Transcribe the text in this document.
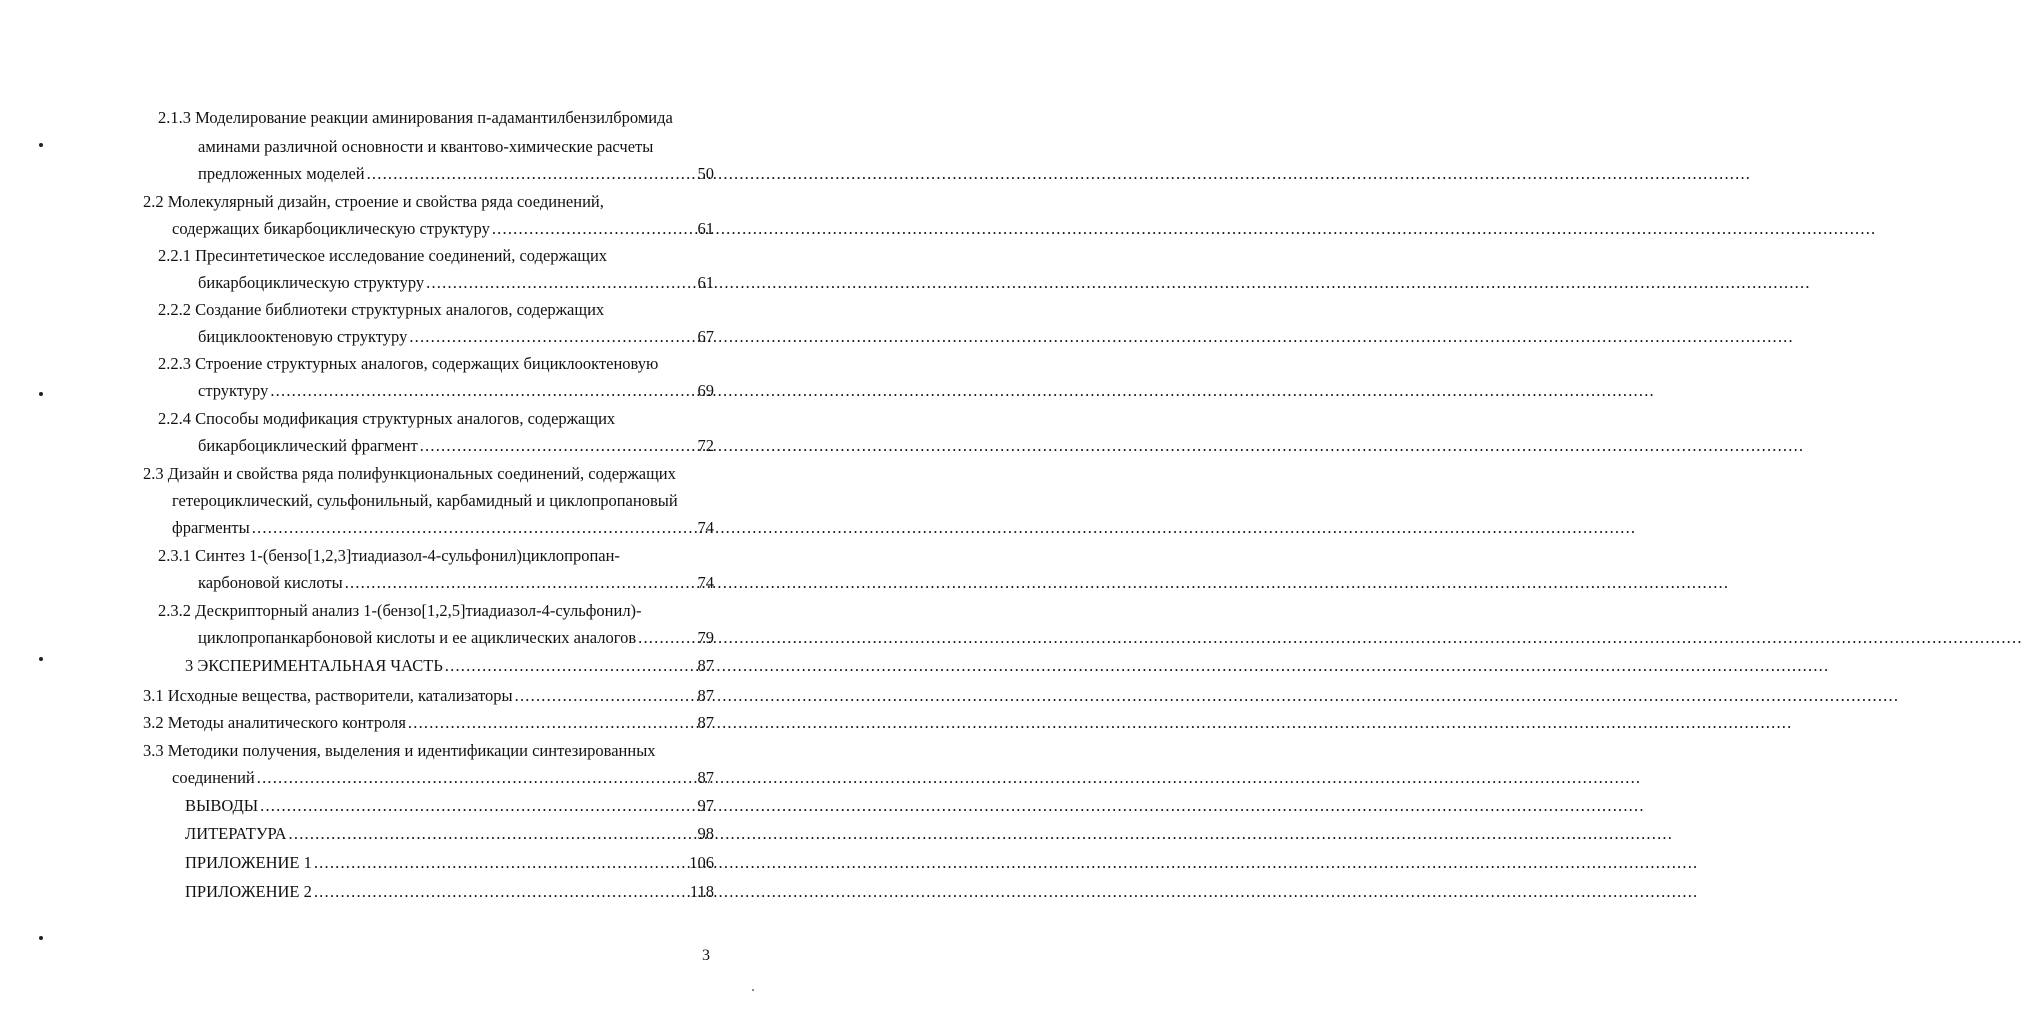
2.1.3 Моделирование реакции аминирования п-адамантилбензилбромида
аминами различной основности и квантово-химические расчеты
предложенных моделей .....	50
2.2 Молекулярный дизайн, строение и свойства ряда соединений,
содержащих бикарбоциклическую структуру .....	61
2.2.1 Пресинтетическое исследование соединений, содержащих
бикарбоциклическую структуру .....	61
2.2.2 Создание библиотеки структурных аналогов, содержащих
бициклооктеновую структуру .....	67
2.2.3 Строение структурных аналогов, содержащих бициклооктеновую
структуру .....	69
2.2.4 Способы модификация структурных аналогов, содержащих
бикарбоциклический фрагмент .....	72
2.3 Дизайн и свойства ряда полифункциональных соединений, содержащих
гетероциклический, сульфонильный, карбамидный и циклопропановый
фрагменты .....	74
2.3.1 Синтез 1-(бензо[1,2,3]тиадиазол-4-сульфонил)циклопропан-
карбоновой кислоты .....	74
2.3.2 Дескрипторный анализ 1-(бензо[1,2,5]тиадиазол-4-сульфонил)-
циклопропанкарбоновой кислоты и ее ациклических аналогов .....	79
3 ЭКСПЕРИМЕНТАЛЬНАЯ ЧАСТЬ .....	87
3.1 Исходные вещества, растворители, катализаторы .....	87
3.2 Методы аналитического контроля .....	87
3.3 Методики получения, выделения и идентификации синтезированных
соединений .....	87
ВЫВОДЫ .....	97
ЛИТЕРАТУРА .....	98
ПРИЛОЖЕНИЕ 1 .....	106
ПРИЛОЖЕНИЕ 2 .....	118
3
